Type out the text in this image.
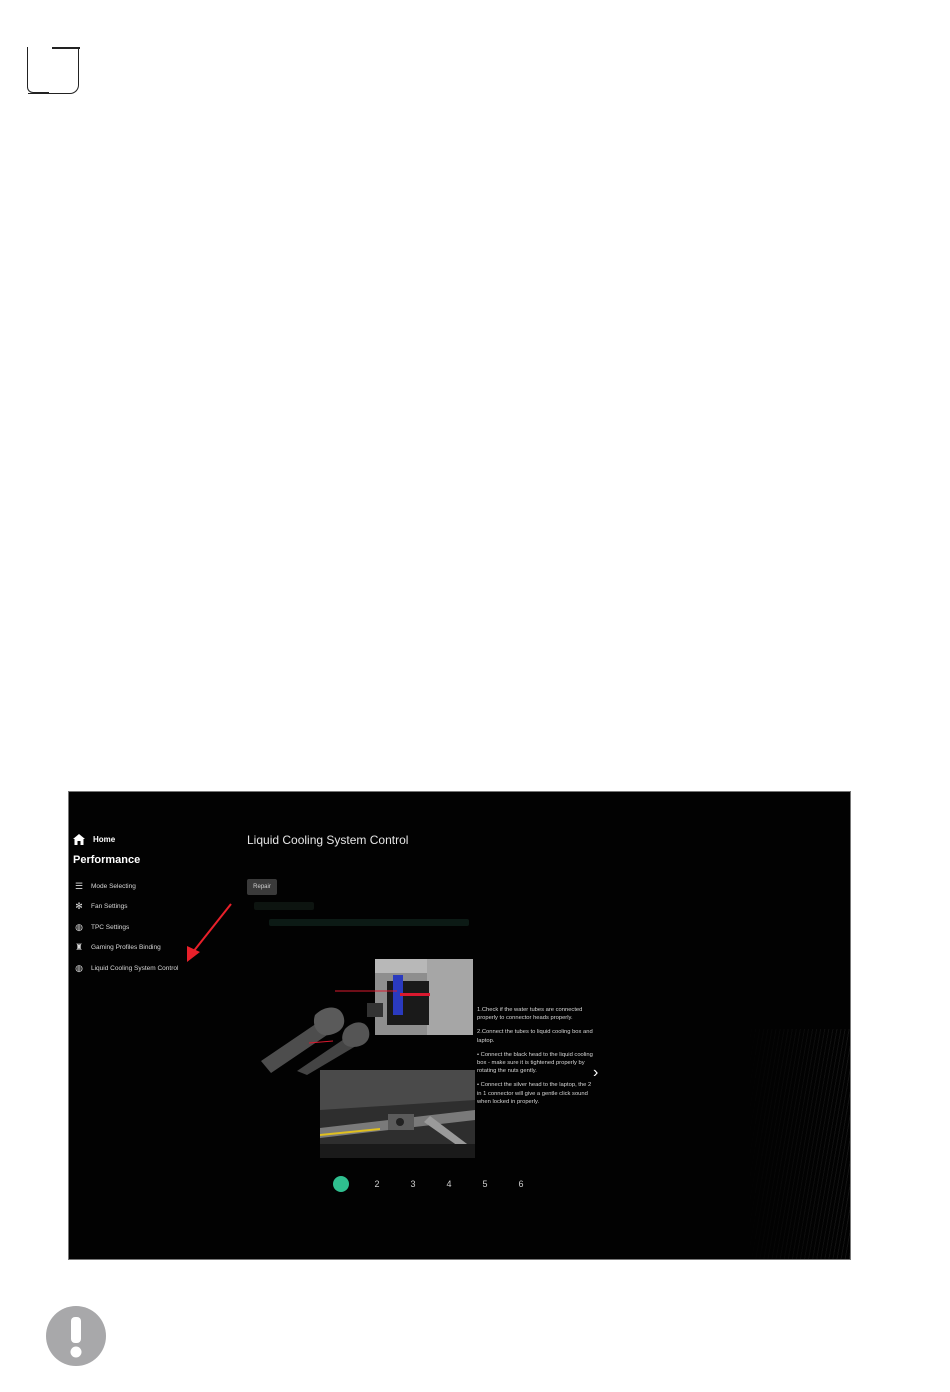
Home
Performance
☰	Mode Selecting
✻	Fan Settings
◍	TPC Settings
♜	Gaming Profiles Binding
◍	Liquid Cooling System Control
Liquid Cooling System Control
Repair

1.Check if the water tubes are connected properly to connector heads properly.

2.Connect the tubes to liquid cooling box and laptop.

• Connect the black head to the liquid cooling box - make sure it is tightened properly by rotating the nuts gently.

• Connect the silver head to the laptop, the 2 in 1 connector will give a gentle click sound when locked in properly.

›
2	3	4	5	6
